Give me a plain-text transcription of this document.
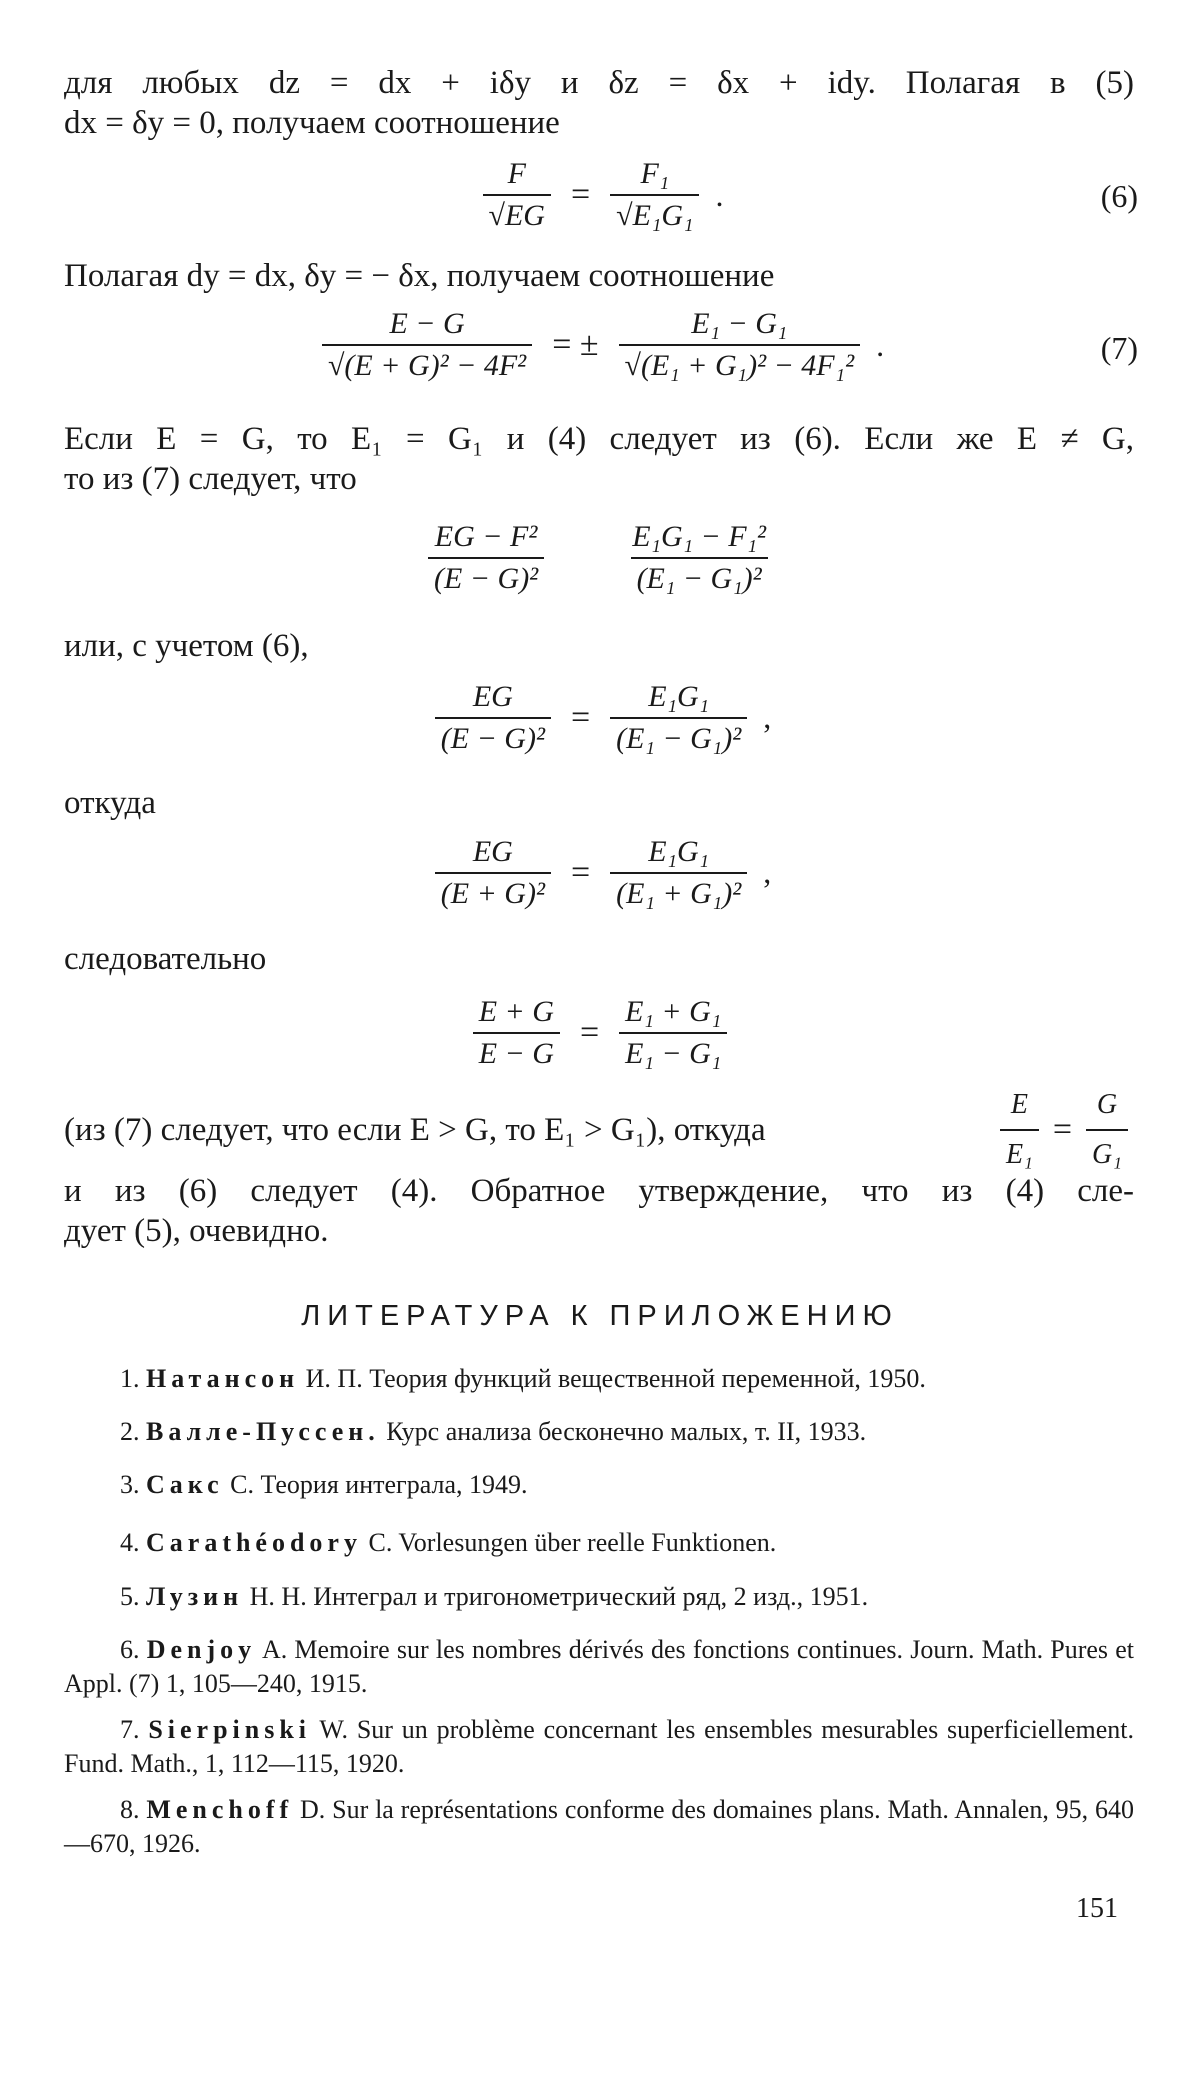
для любых dz = dx + iδy и δz = δx + idy. Полагая в (5)

dx = δy = 0, получаем соотношение

$\frac{F}{√EG} = \frac{\text{F₁}}{\text{√E₁G₁}}$ .	(6)

Полагая dy = dx, δy = − δx, получаем соотношение

$\frac{E - G}{\text{√(E + G)² − 4F²}}$ = ± $\frac{\text{E₁ − G₁}}{\text{√(E₁ + G₁)² − 4F₁²}}$ .	(7)

Если E = G, то E₁ = G₁ и (4) следует из (6). Если же E ≠ G,

то из (7) следует, что

$\frac{\text{EG − F²}}{\text{(E − G)²}}$	$\frac{\text{E₁G₁ − F₁²}}{\text{(E₁ − G₁)²}}$

или, с учетом (6),

$\frac{EG}{\text{(E − G)²}} = \frac{\text{E₁G₁}}{\text{(E₁ − G₁)²}}$ ,

откуда

$\frac{EG}{\text{(E + G)²}} = \frac{\text{E₁G₁}}{\text{(E₁ + G₁)²}}$ ,

следовательно

$\frac{E + G}{E - G} = \frac{\text{E₁ + G₁}}{\text{E₁ − G₁}}$
(из (7) следует, что если E > G, то E₁ > G₁), откуда	$\frac{E}{\text{E₁}} = \frac{G}{\text{G₁}}$

и из (6) следует (4). Обратное утверждение, что из (4) сле-

дует (5), очевидно.

ЛИТЕРАТУРА К ПРИЛОЖЕНИЮ

1. Натансон И. П. Теория функций вещественной переменной, 1950.

2. Валле-Пуссен. Курс анализа бесконечно малых, т. II, 1933.

3. Сакс С. Теория интеграла, 1949.

4. Carathéodory C. Vorlesungen über reelle Funktionen.

5. Лузин Н. Н. Интеграл и тригонометрический ряд, 2 изд., 1951.

6. Denjoy A. Memoire sur les nombres dérivés des fonctions continues. Journ. Math. Pures et Appl. (7) 1, 105—240, 1915.

7. Sierpinski W. Sur un problème concernant les ensembles mesurables superficiellement. Fund. Math., 1, 112—115, 1920.

8. Menchoff D. Sur la représentations conforme des domaines plans. Math. Annalen, 95, 640—670, 1926.

151
